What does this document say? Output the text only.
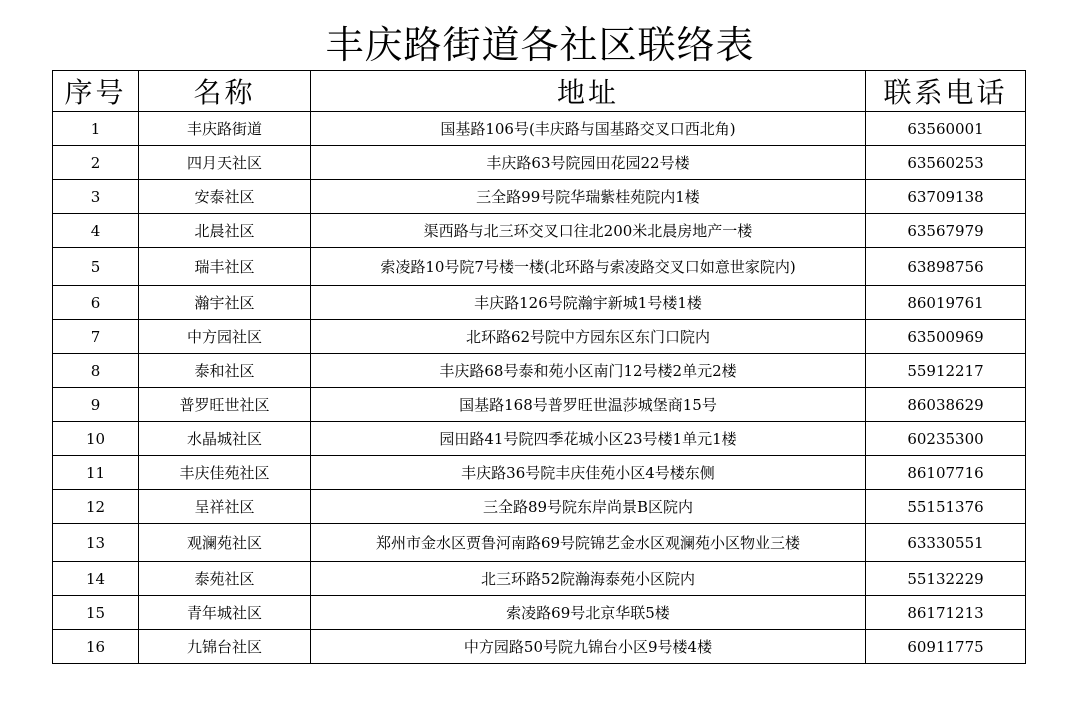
丰庆路街道各社区联络表
序号	名称	地址	联系电话
1	丰庆路街道	国基路106号(丰庆路与国基路交叉口西北角)	63560001
2	四月天社区	丰庆路63号院园田花园22号楼	63560253
3	安泰社区	三全路99号院华瑞紫桂苑院内1楼	63709138
4	北晨社区	渠西路与北三环交叉口往北200米北晨房地产一楼	63567979
5	瑞丰社区	索凌路10号院7号楼一楼(北环路与索凌路交叉口如意世家院内)	63898756
6	瀚宇社区	丰庆路126号院瀚宇新城1号楼1楼	86019761
7	中方园社区	北环路62号院中方园东区东门口院内	63500969
8	泰和社区	丰庆路68号泰和苑小区南门12号楼2单元2楼	55912217
9	普罗旺世社区	国基路168号普罗旺世温莎城堡商15号	86038629
10	水晶城社区	园田路41号院四季花城小区23号楼1单元1楼	60235300
11	丰庆佳苑社区	丰庆路36号院丰庆佳苑小区4号楼东侧	86107716
12	呈祥社区	三全路89号院东岸尚景B区院内	55151376
13	观澜苑社区	郑州市金水区贾鲁河南路69号院锦艺金水区观澜苑小区物业三楼	63330551
14	泰苑社区	北三环路52院瀚海泰苑小区院内	55132229
15	青年城社区	索凌路69号北京华联5楼	86171213
16	九锦台社区	中方园路50号院九锦台小区9号楼4楼	60911775
